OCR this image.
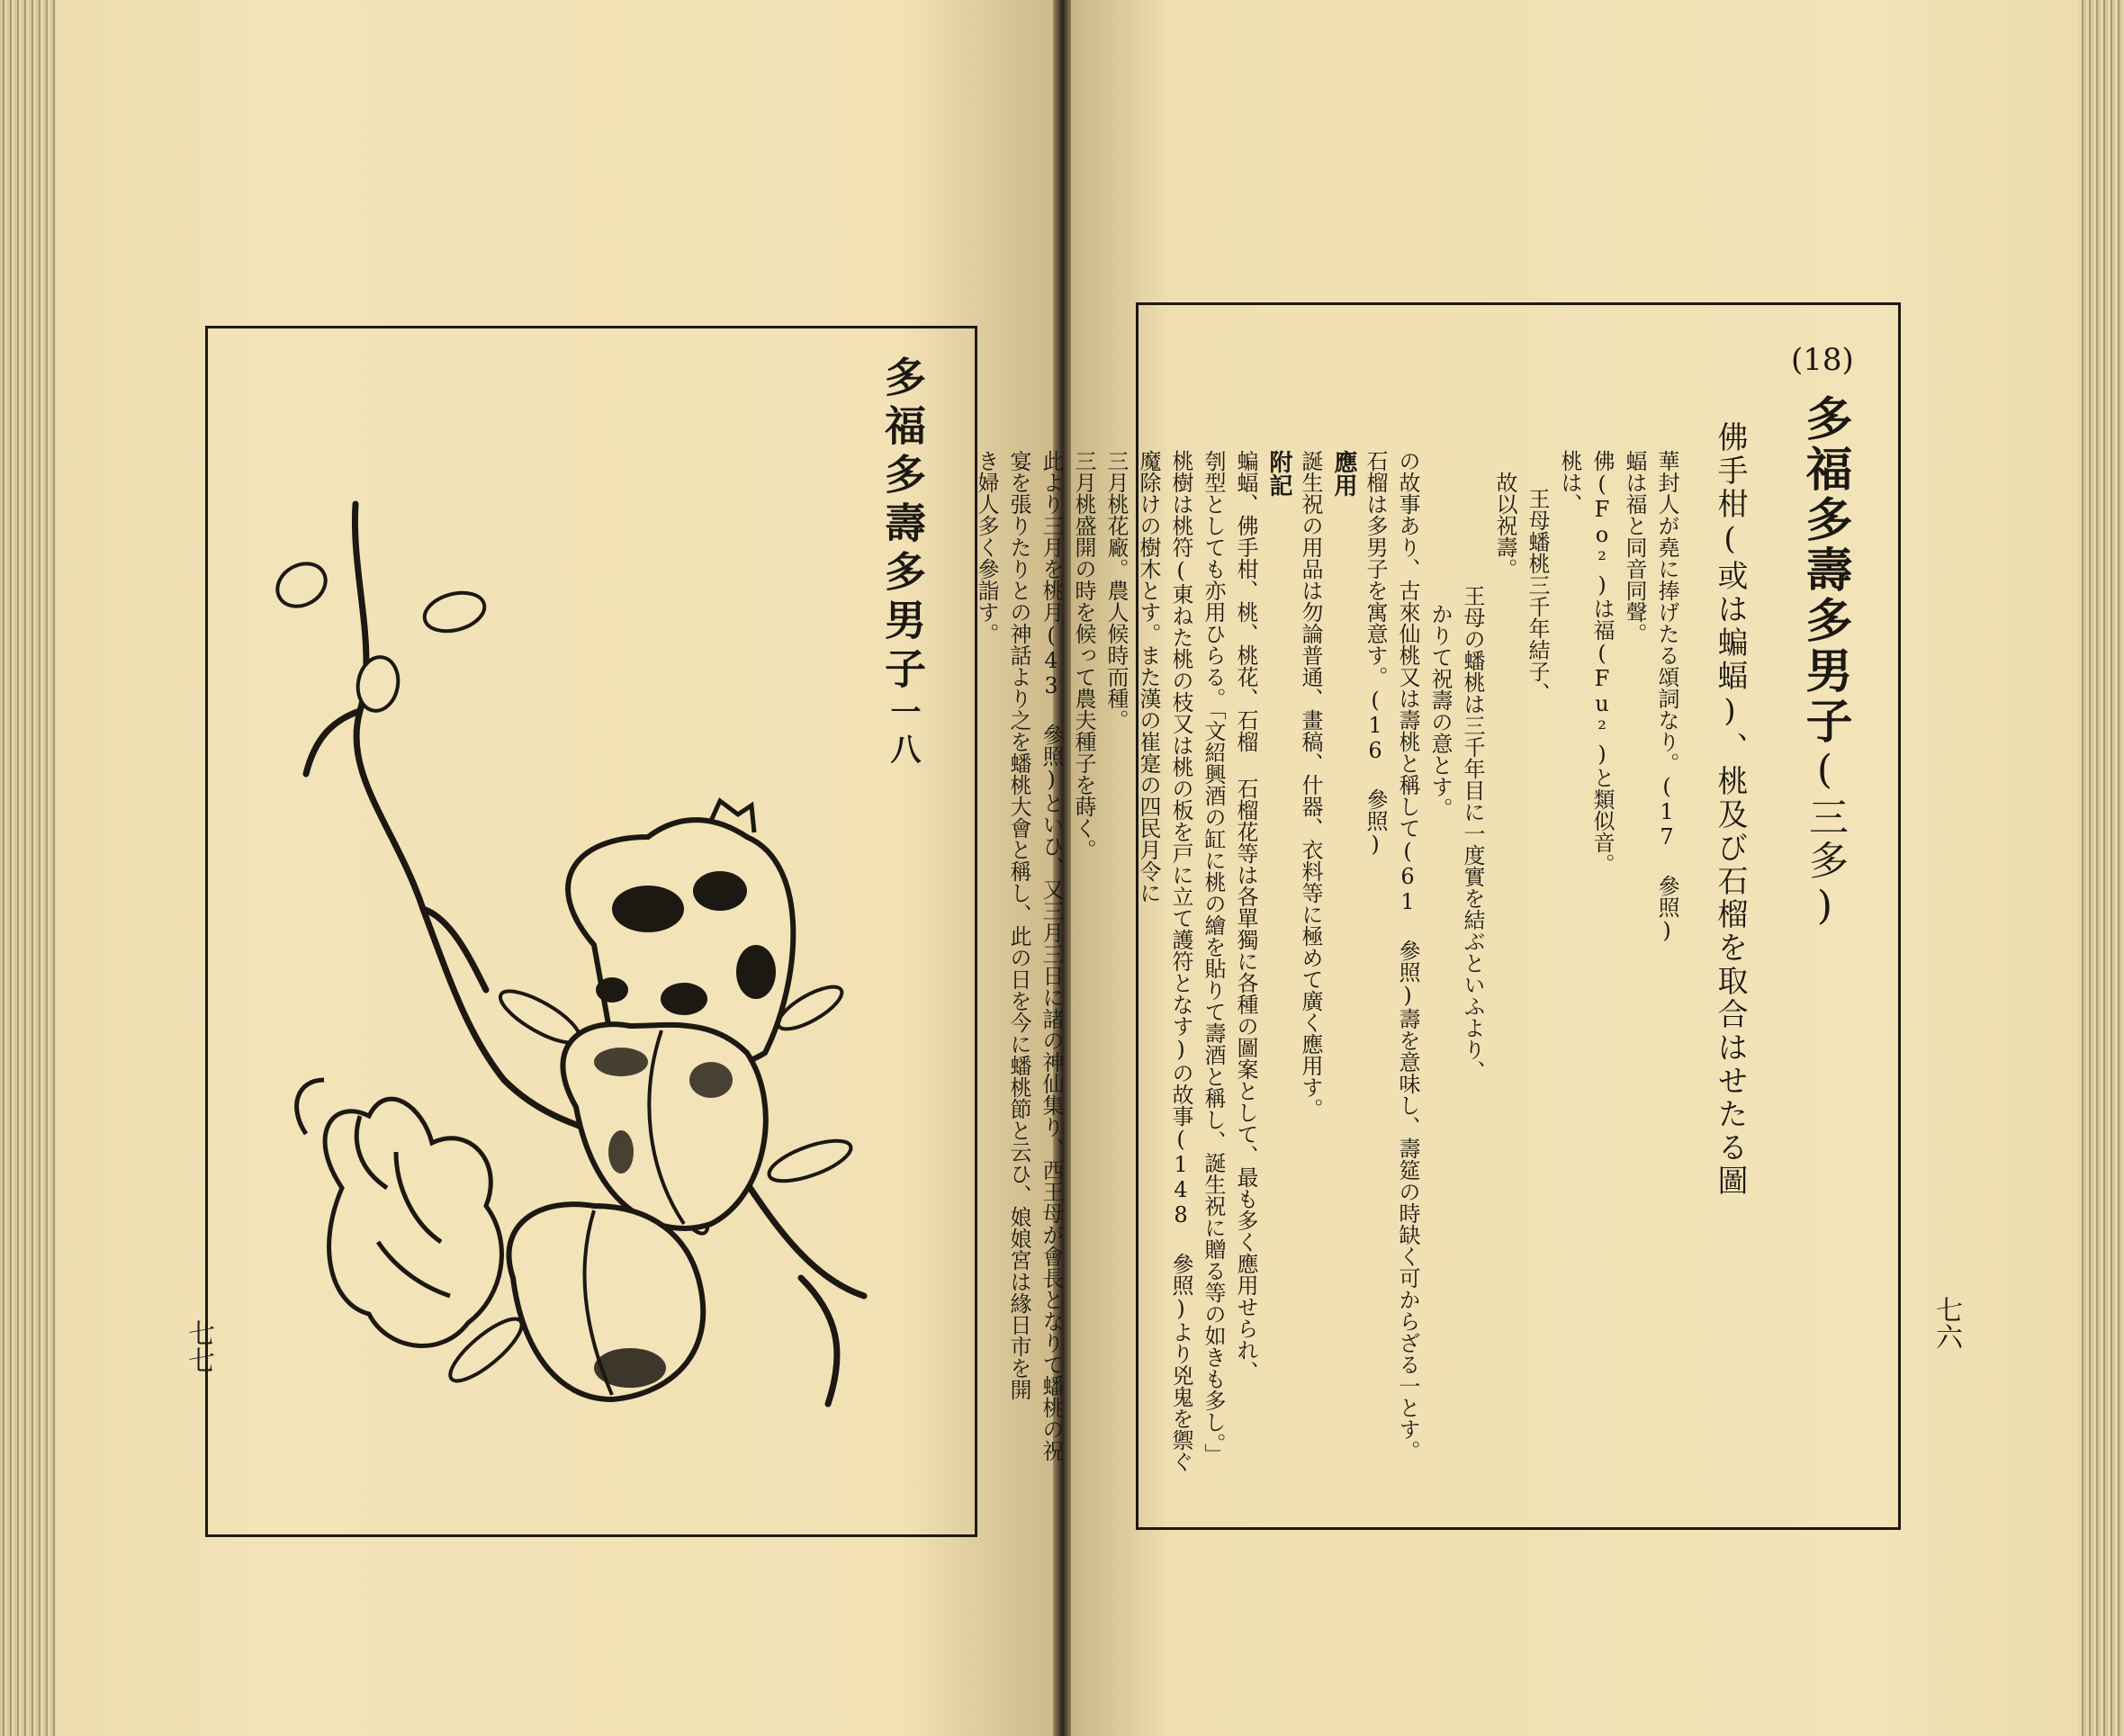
多福多壽多男子一八
七七
(18)
多福多壽多男子(三多)
佛手柑(或は蝙蝠)、桃及び石榴を取合はせたる圖
華封人が堯に捧げたる頌詞なり。(17 參照)
蝠は福と同音同聲。
佛(Fo²)は福(Fu²)と類似音。
桃は、
王母蟠桃三千年結子、
故以祝壽。
王母の蟠桃は三千年目に一度實を結ぶといふより、
かりて祝壽の意とす。
の故事あり、古來仙桃又は壽桃と稱して(61 參照)壽を意味し、壽筵の時缺く可からざる一とす。
石榴は多男子を寓意す。(16 參照)
應用
誕生祝の用品は勿論普通、畫稿、什器、衣料等に極めて廣く應用す。
附記
蝙蝠、佛手柑、桃、桃花、石榴 石榴花等は各單獨に各種の圖案として、最も多く應用せられ、
刳型としても亦用ひらる。「文紹興酒の缸に桃の繪を貼りて壽酒と稱し、誕生祝に贈る等の如きも多し。」
桃樹は桃符(東ねた桃の枝又は桃の板を戸に立て護符となす)の故事(148 參照)より兇鬼を禦ぐ
魔除けの樹木とす。また漢の崔寔の四民月令に
三月桃花廠。農人候時而種。
三月桃盛開の時を候って農夫種子を蒔く。
此より三月を桃月(43 參照)といひ、又三月三日に諸の神仙集り、西王母が會長となりて蟠桃の祝
宴を張りたりとの神話より之を蟠桃大會と稱し、此の日を今に蟠桃節と云ひ、娘娘宮は緣日市を開
き婦人多く參詣す。
七六
